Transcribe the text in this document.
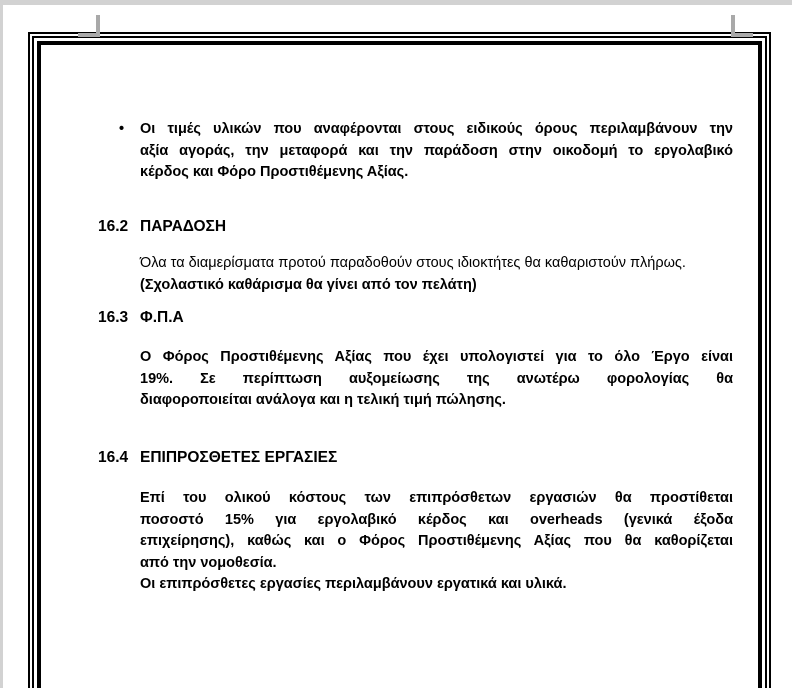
• Οι τιμές υλικών που αναφέρονται στους ειδικούς όρους περιλαμβάνουν την
αξία αγοράς, την μεταφορά και την παράδοση στην οικοδομή το εργολαβικό
κέρδος και Φόρο Προστιθέμενης Αξίας.
16.2 ΠΑΡΑΔΟΣΗ
Όλα τα διαμερίσματα προτού παραδοθούν στους ιδιοκτήτες θα καθαριστούν πλήρως.
(Σχολαστικό καθάρισμα θα γίνει από τον πελάτη)
16.3 Φ.Π.Α
Ο Φόρος Προστιθέμενης Αξίας που έχει υπολογιστεί για το όλο Έργο είναι
19%. Σε περίπτωση αυξομείωσης της ανωτέρω φορολογίας θα
διαφοροποιείται ανάλογα και η τελική τιμή πώλησης.
16.4 ΕΠΙΠΡΟΣΘΕΤΕΣ ΕΡΓΑΣΙΕΣ
Επί του ολικού κόστους των επιπρόσθετων εργασιών θα προστίθεται
ποσοστό 15% για εργολαβικό κέρδος και overheads (γενικά έξοδα
επιχείρησης), καθώς και ο Φόρος Προστιθέμενης Αξίας που θα καθορίζεται
από την νομοθεσία.
Οι επιπρόσθετες εργασίες περιλαμβάνουν εργατικά και υλικά.
